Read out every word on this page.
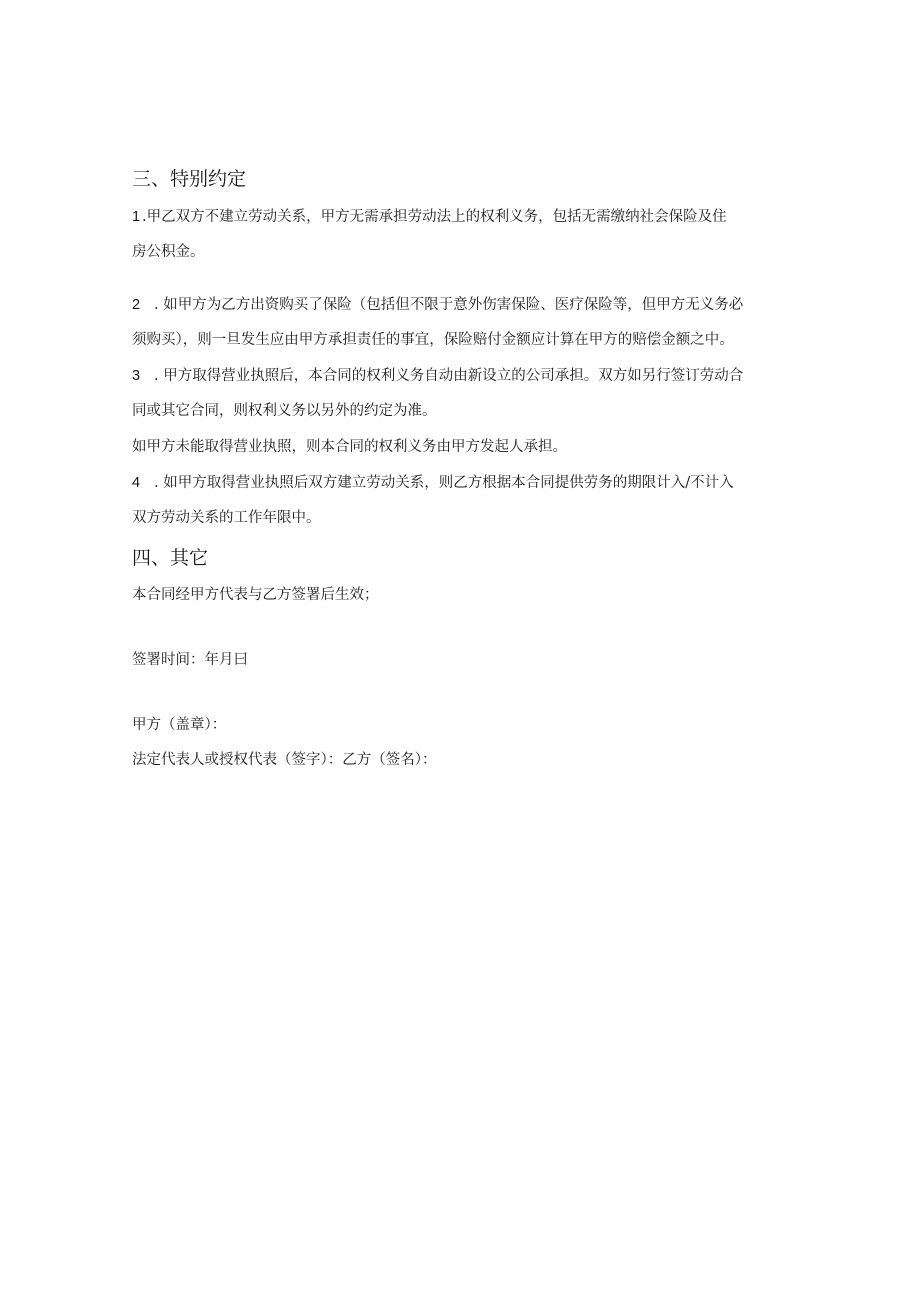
三、特别约定
1 .甲乙双方不建立劳动关系，甲方无需承担劳动法上的权利义务，包括无需缴纳社会保险及住
房公积金。
2 . 如甲方为乙方出资购买了保险（包括但不限于意外伤害保险、医疗保险等，但甲方无义务必
须购买），则一旦发生应由甲方承担责任的事宜，保险赔付金额应计算在甲方的赔偿金额之中。
3 . 甲方取得营业执照后，本合同的权利义务自动由新设立的公司承担。双方如另行签订劳动合
同或其它合同，则权利义务以另外的约定为准。
如甲方未能取得营业执照，则本合同的权利义务由甲方发起人承担。
4 . 如甲方取得营业执照后双方建立劳动关系，则乙方根据本合同提供劳务的期限计入/不计入
双方劳动关系的工作年限中。
四、其它
本合同经甲方代表与乙方签署后生效；
签署时间：年月曰
甲方（盖章）：
法定代表人或授权代表（签字）：乙方（签名）：
